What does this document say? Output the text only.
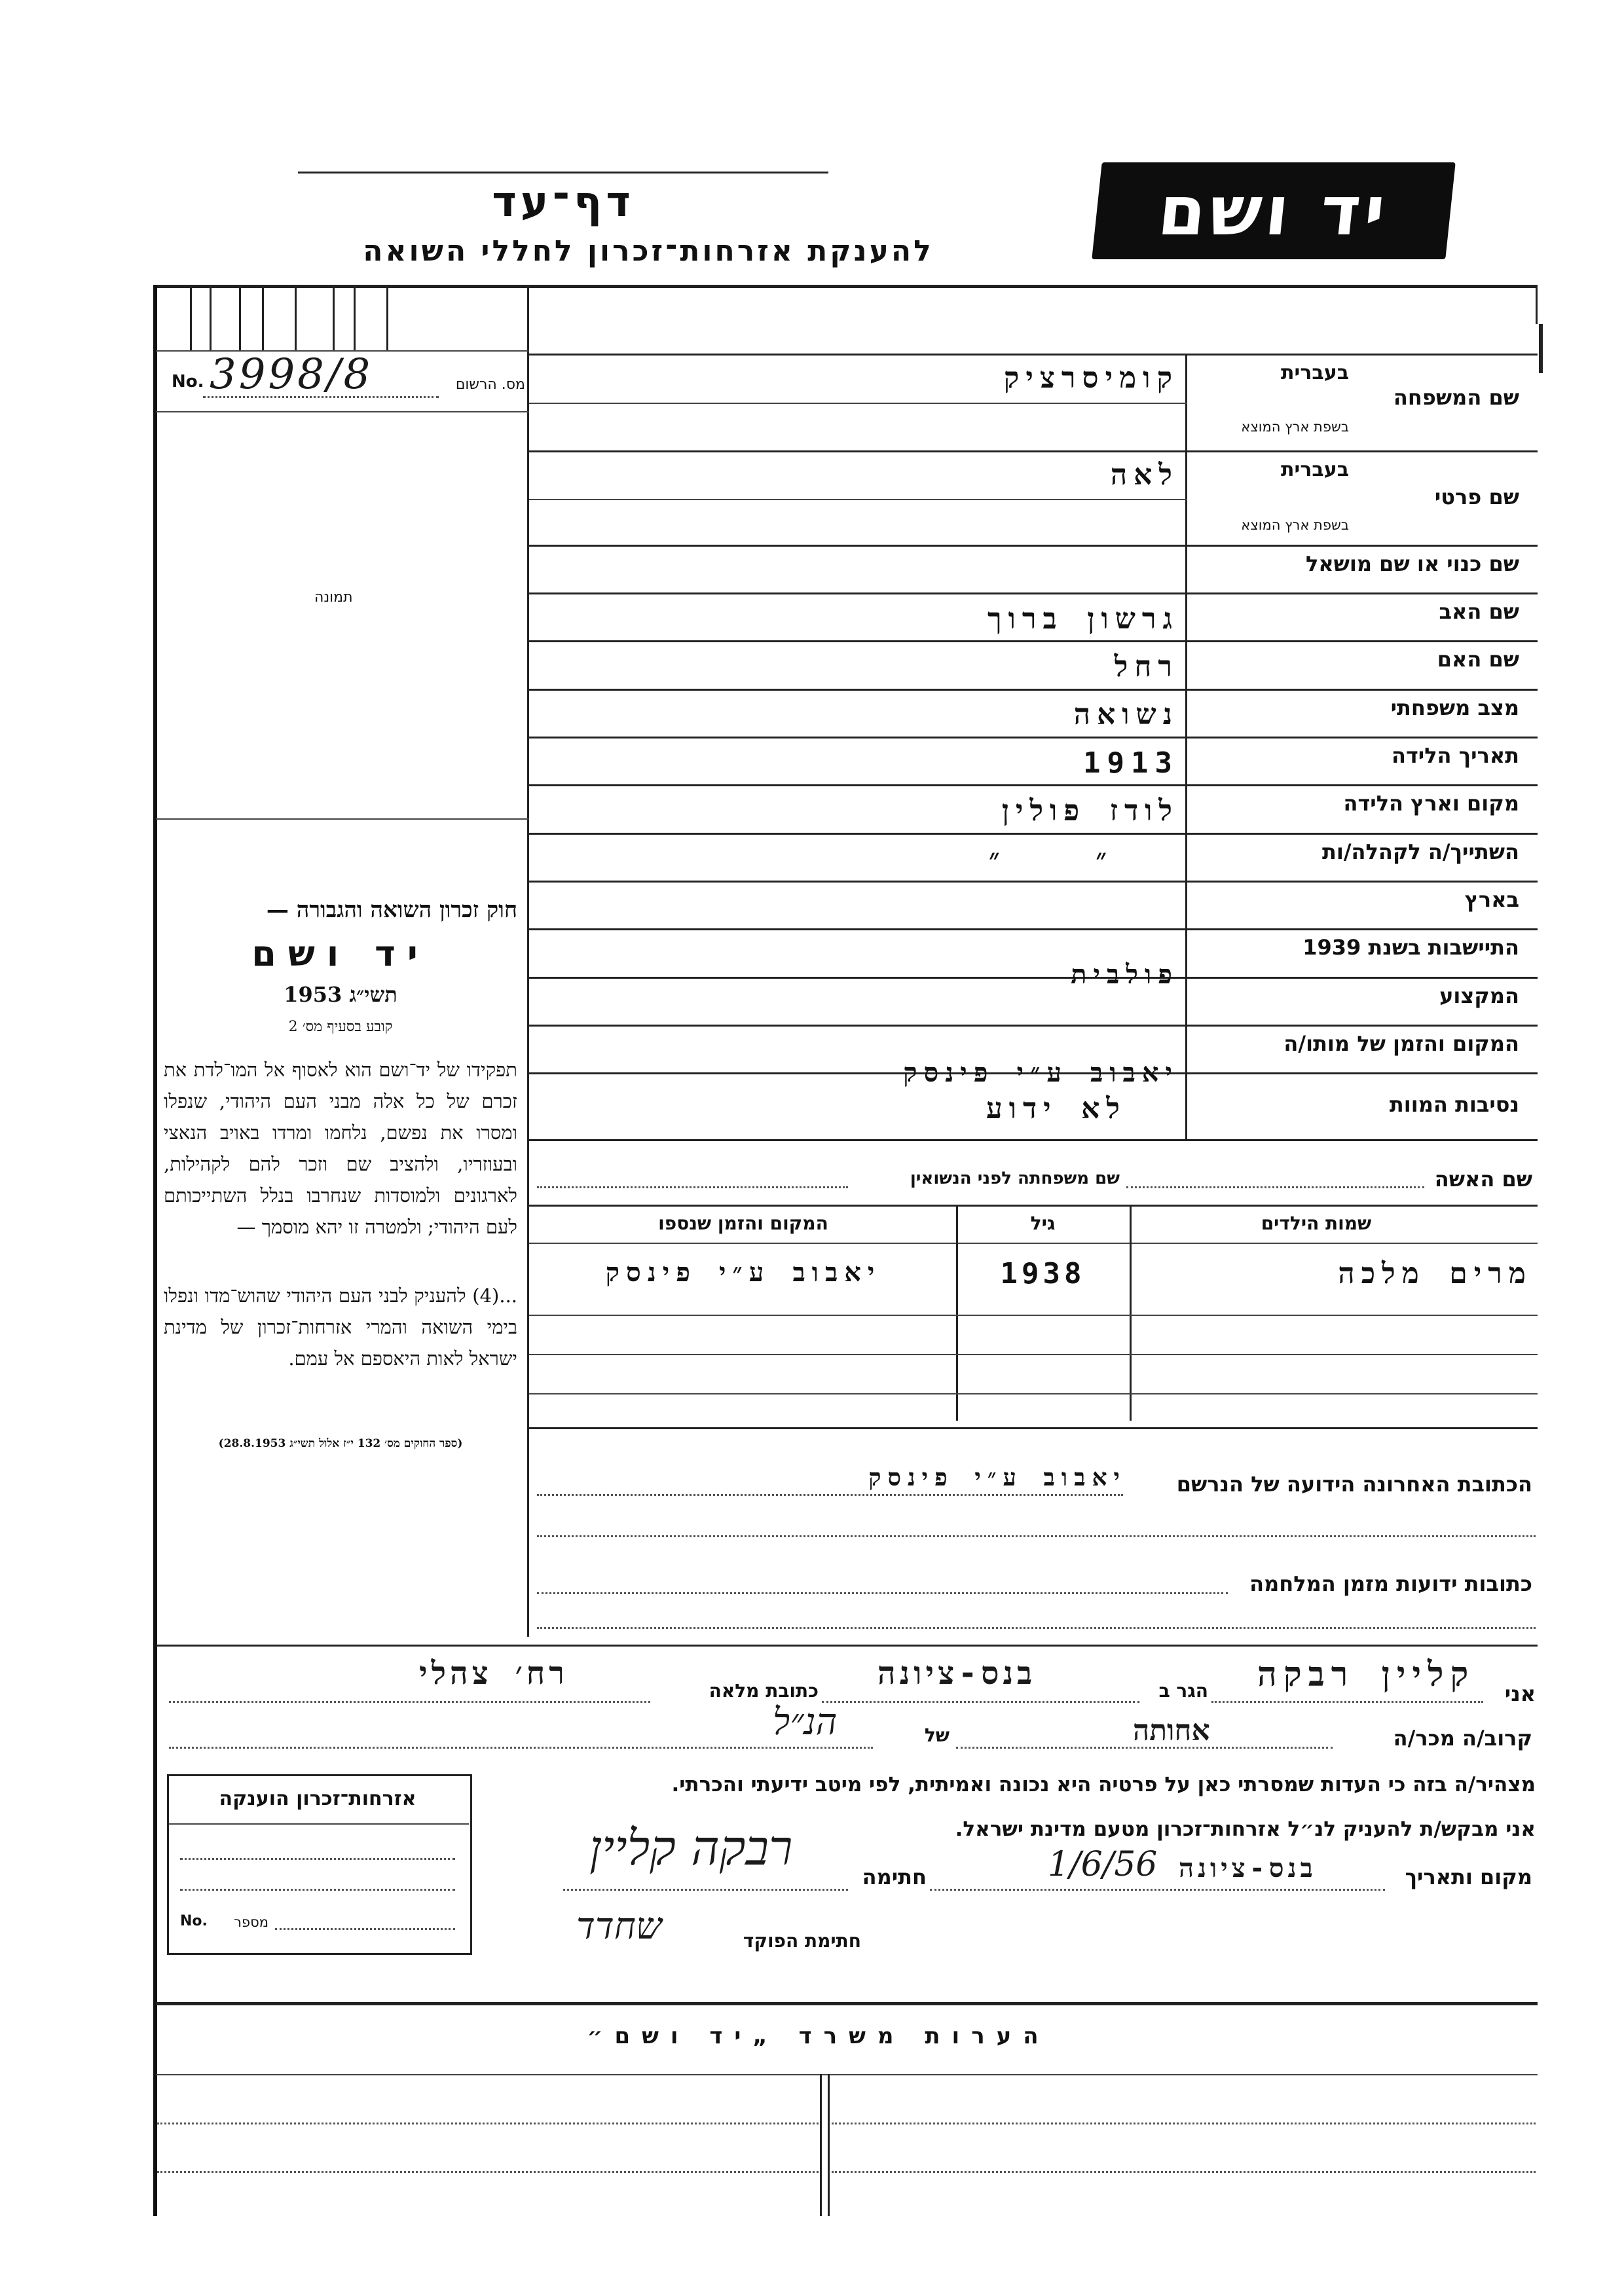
יד ושם
דף־עד
להענקת אזרחות־זכרון לחללי השואה
No. 3998/8	מס. הרשום
תמונה
בעברית
שם המשפחה
בשפת ארץ המוצא
קומיסרציק
בעברית
שם פרטי
בשפת ארץ המוצא
לאה
שם כנוי או שם מושאל
שם האב
גרשון ברוך
שם האם
רחל
מצב משפחתי
נשואה
תאריך הלידה
1913
מקום וארץ הלידה
לודז פולין
השתייך/ה לקהלה/ות
״ ״
בארץ
התיישבות בשנת 1939
פולבית
המקצוע
המקום והזמן של מותו/ה
יאבוב ע״י פינסק
נסיבות המוות
לא ידוע
שם האשה
שם משפחתה לפני הנשואין
שמות הילדים
גיל
המקום והזמן שנספו
מרים מלכה
1938
יאבוב ע״י פינסק
הכתובת האחרונה הידועה של הנרשם
יאבוב ע״י פינסק
כתובות ידועות מזמן המלחמה
חוק זכרון השואה והגבורה —
יד ושם
תשי״ג 1953
קובע בסעיף מס׳ 2
תפקידו של יד־ושם הוא לאסוף אל המו־לדת את זכרם של כל אלה מבני העם היהודי, שנפלו ומסרו את נפשם, נלחמו ומרדו באויב הנאצי ובעוזריו, ולהציב שם וזכר להם לקהילות, לארגונים ולמוסדות שנחרבו בנלל השתייכותם לעם היהודי; ולמטרה זו יהא מוסמך —
...(4) להעניק לבני העם היהודי שהוש־מדו ונפלו בימי השואה והמרי אזרחות־זכרון של מדינת ישראל לאות היאספם אל עמם.
(ספר החוקים מס׳ 132 י״ז אלול תשי״ג 28.8.1953)
אני
קליין רבקה
הגר ב
בנס-ציונה
כתובת מלאה
רח׳ צהלי
קרוב/ה מכר/ה
אחותה
של
הנ״ל
מצהיר/ה בזה כי העדות שמסרתי כאן על פרטיה היא נכונה ואמיתית, לפי מיטב ידיעתי והכרתי.
אני מבקש/ת להעניק לנ״ל אזרחות־זכרון מטעם מדינת ישראל.
מקום ותאריך
בנס-ציונה
1/6/56
חתימה
רבקה קליין
חתימת הפוקד
שחדד
אזרחות־זכרון הוענקה
No.	מספר
הערות משרד „יד ושם״
